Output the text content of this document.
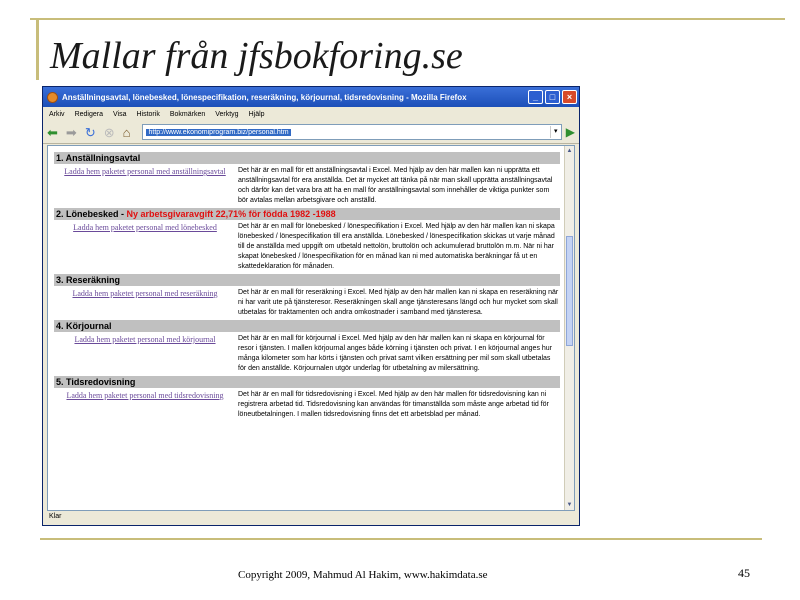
Mallar från jfsbokforing.se
Anställningsavtal, lönebesked, lönespecifikation, reseräkning, körjournal, tidsredovisning - Mozilla Firefox	_	□	×
Arkiv Redigera Visa Historik Bokmärken Verktyg Hjälp
⬅ ➡ ↻ ⊗ ⌂	http://www.ekonomiprogram.biz/personal.htm	▾ ▶
1. Anställningsavtal
Ladda hem paketet personal med anställningsavtal	Det här är en mall för ett anställningsavtal i Excel. Med hjälp av den här mallen kan ni upprätta ett anställningsavtal för era anställda. Det är mycket att tänka på när man skall upprätta anställningsavtal och därför kan det vara bra att ha en mall för anställningsavtal som innehåller de viktiga punkter som bör avtalas mellan arbetsgivare och anställd.
2. Lönebesked - Ny arbetsgivaravgift 22,71% för födda 1982 -1988
Ladda hem paketet personal med lönebesked	Det här är en mall för lönebesked / lönespecifikation i Excel. Med hjälp av den här mallen kan ni skapa lönebesked / lönespecifikation till era anställda. Lönebesked / lönespecifikation skickas ut varje månad till de anställda med uppgift om utbetald nettolön, bruttolön och ackumulerad bruttolön m.m. När ni har skapat lönebesked / lönespecifikation för en månad kan ni med automatiska beräkningar få ut en skattedeklaration för månaden.
3. Reseräkning
Ladda hem paketet personal med reseräkning	Det här är en mall för reseräkning i Excel. Med hjälp av den här mallen kan ni skapa en reseräkning när ni har varit ute på tjänsteresor. Reseräkningen skall ange tjänsteresans längd och hur mycket som skall utbetalas för traktamenten och andra omkostnader i samband med tjänsteresa.
4. Körjournal
Ladda hem paketet personal med körjournal	Det här är en mall för körjournal i Excel. Med hjälp av den här mallen kan ni skapa en körjournal för resor i tjänsten. I mallen körjournal anges både körning i tjänsten och privat. I en körjournal anges hur många kilometer som har körts i tjänsten och privat samt vilken ersättning per mil som skall utbetalas för den anställde. Körjournalen utgör underlag för utbetalning av milersättning.
5. Tidsredovisning
Ladda hem paketet personal med tidsredovisning	Det här är en mall för tidsredovisning i Excel. Med hjälp av den här mallen för tidsredovisning kan ni registrera arbetad tid. Tidsredovisning kan användas för timanställda som måste ange arbetad tid för löneutbetalningen. I mallen tidsredovisning finns det ett arbetsblad per månad.
▲
▼
Klar
Copyright 2009, Mahmud Al Hakim, www.hakimdata.se	45
